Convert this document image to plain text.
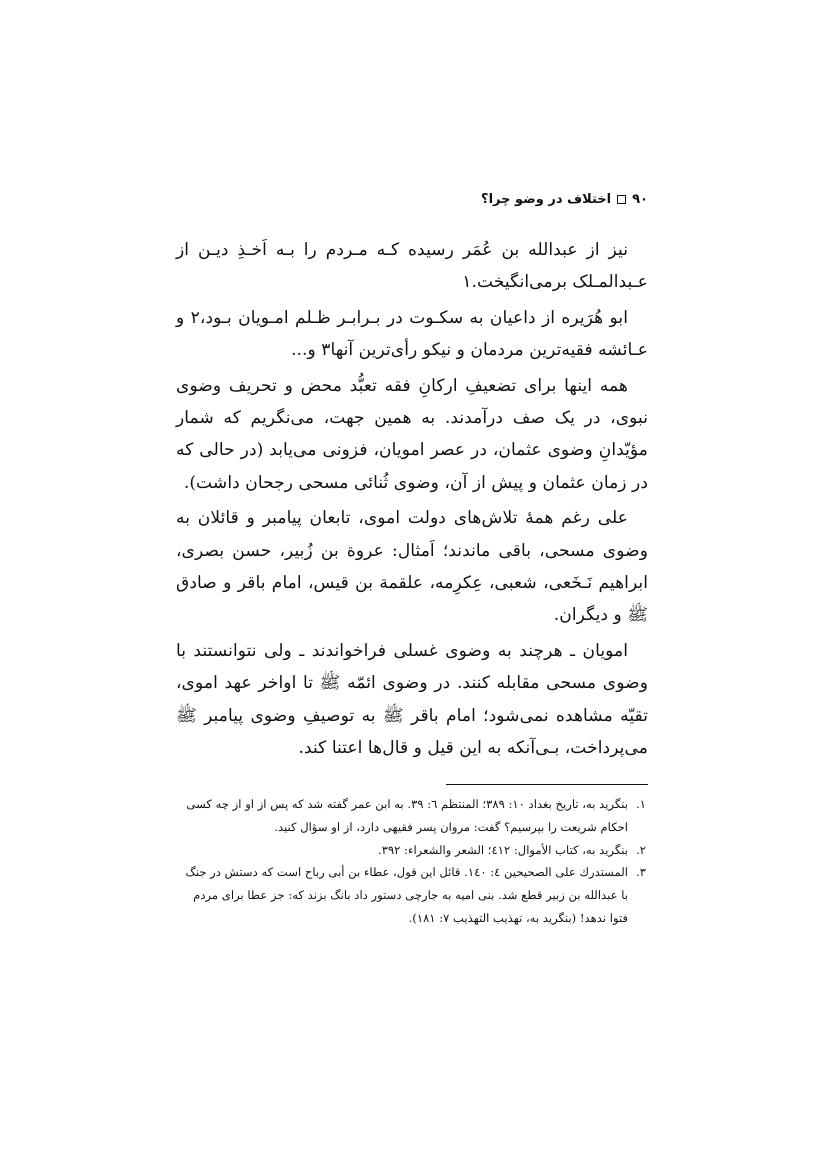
۹۰
اختلاف در وضو چرا؟

نیز از عبدالله بن عُمَر رسیده کـه مـردم را بـه اَخـذِ دیـن از عـبدالمـلک برمی‌انگیخت.۱

ابو هُرَیره از داعیان به سکـوت در بـرابـر ظـلم امـویان بـود،۲ و عـائشه فقیه‌ترین مردمان و نیکو رأی‌ترین آنها۳ و...

همه اینها برای تضعیفِ ارکانِ فقه تعبُّد محض و تحریف وضوی نبوی، در یک صف درآمدند. به همین جهت، می‌نگریم که شمار مؤیّدانِ وضوی عثمان، در عصر امویان، فزونی می‌یابد (در حالی که در زمان عثمان و پیش از آن، وضوی ثُنائی مسحی رجحان داشت).

علی رغم همهٔ تلاش‌های دولت اموی، تابعان پیامبر و قائلان به وضوی مسحی، باقی ماندند؛ اَمثال: عروة بن زُبیر، حسن بصری، ابراهیم نَـخَعی، شعبی، عِکرِمه، علقمة بن قیس، امام باقر و صادق ﷺ و دیگران.

امویان ـ هرچند به وضوی غسلی فراخواندند ـ ولی نتوانستند با وضوی مسحی مقابله کنند. در وضوی ائمّه ﷺ تا اواخر عهد اموی، تقیّه مشاهده نمی‌شود؛ امام باقر ﷺ به توصیفِ وضوی پیامبر ﷺ می‌پرداخت، بـی‌آنکه به این قیل و قال‌ها اعتنا کند.

۱.
بنگرید به، تاریخ بغداد ۱۰: ۳۸۹؛ المنتظم ٦: ۳۹. به ابن عمر گفته شد که پس از او از چه کسی احکام شریعت را بپرسیم؟ گفت: مروان پسر فقیهی دارد، از او سؤال کنید.

۲.
بنگرید به، کتاب الأموال: ٤۱۲؛ الشعر والشعراء: ۳۹۲.

۳.
المستدرك علی الصحیحین ٤: ۱٤۰. قائل این قول، عطاء بن أبی رباح است که دستش در جنگ با عبدالله بن زبیر قطع شد. بنی امیه به جارچی دستور داد بانگ بزند که: جز عطا برای مردم فتوا ندهد! (بنگرید به، تهذیب التهذیب ۷: ۱۸۱).
